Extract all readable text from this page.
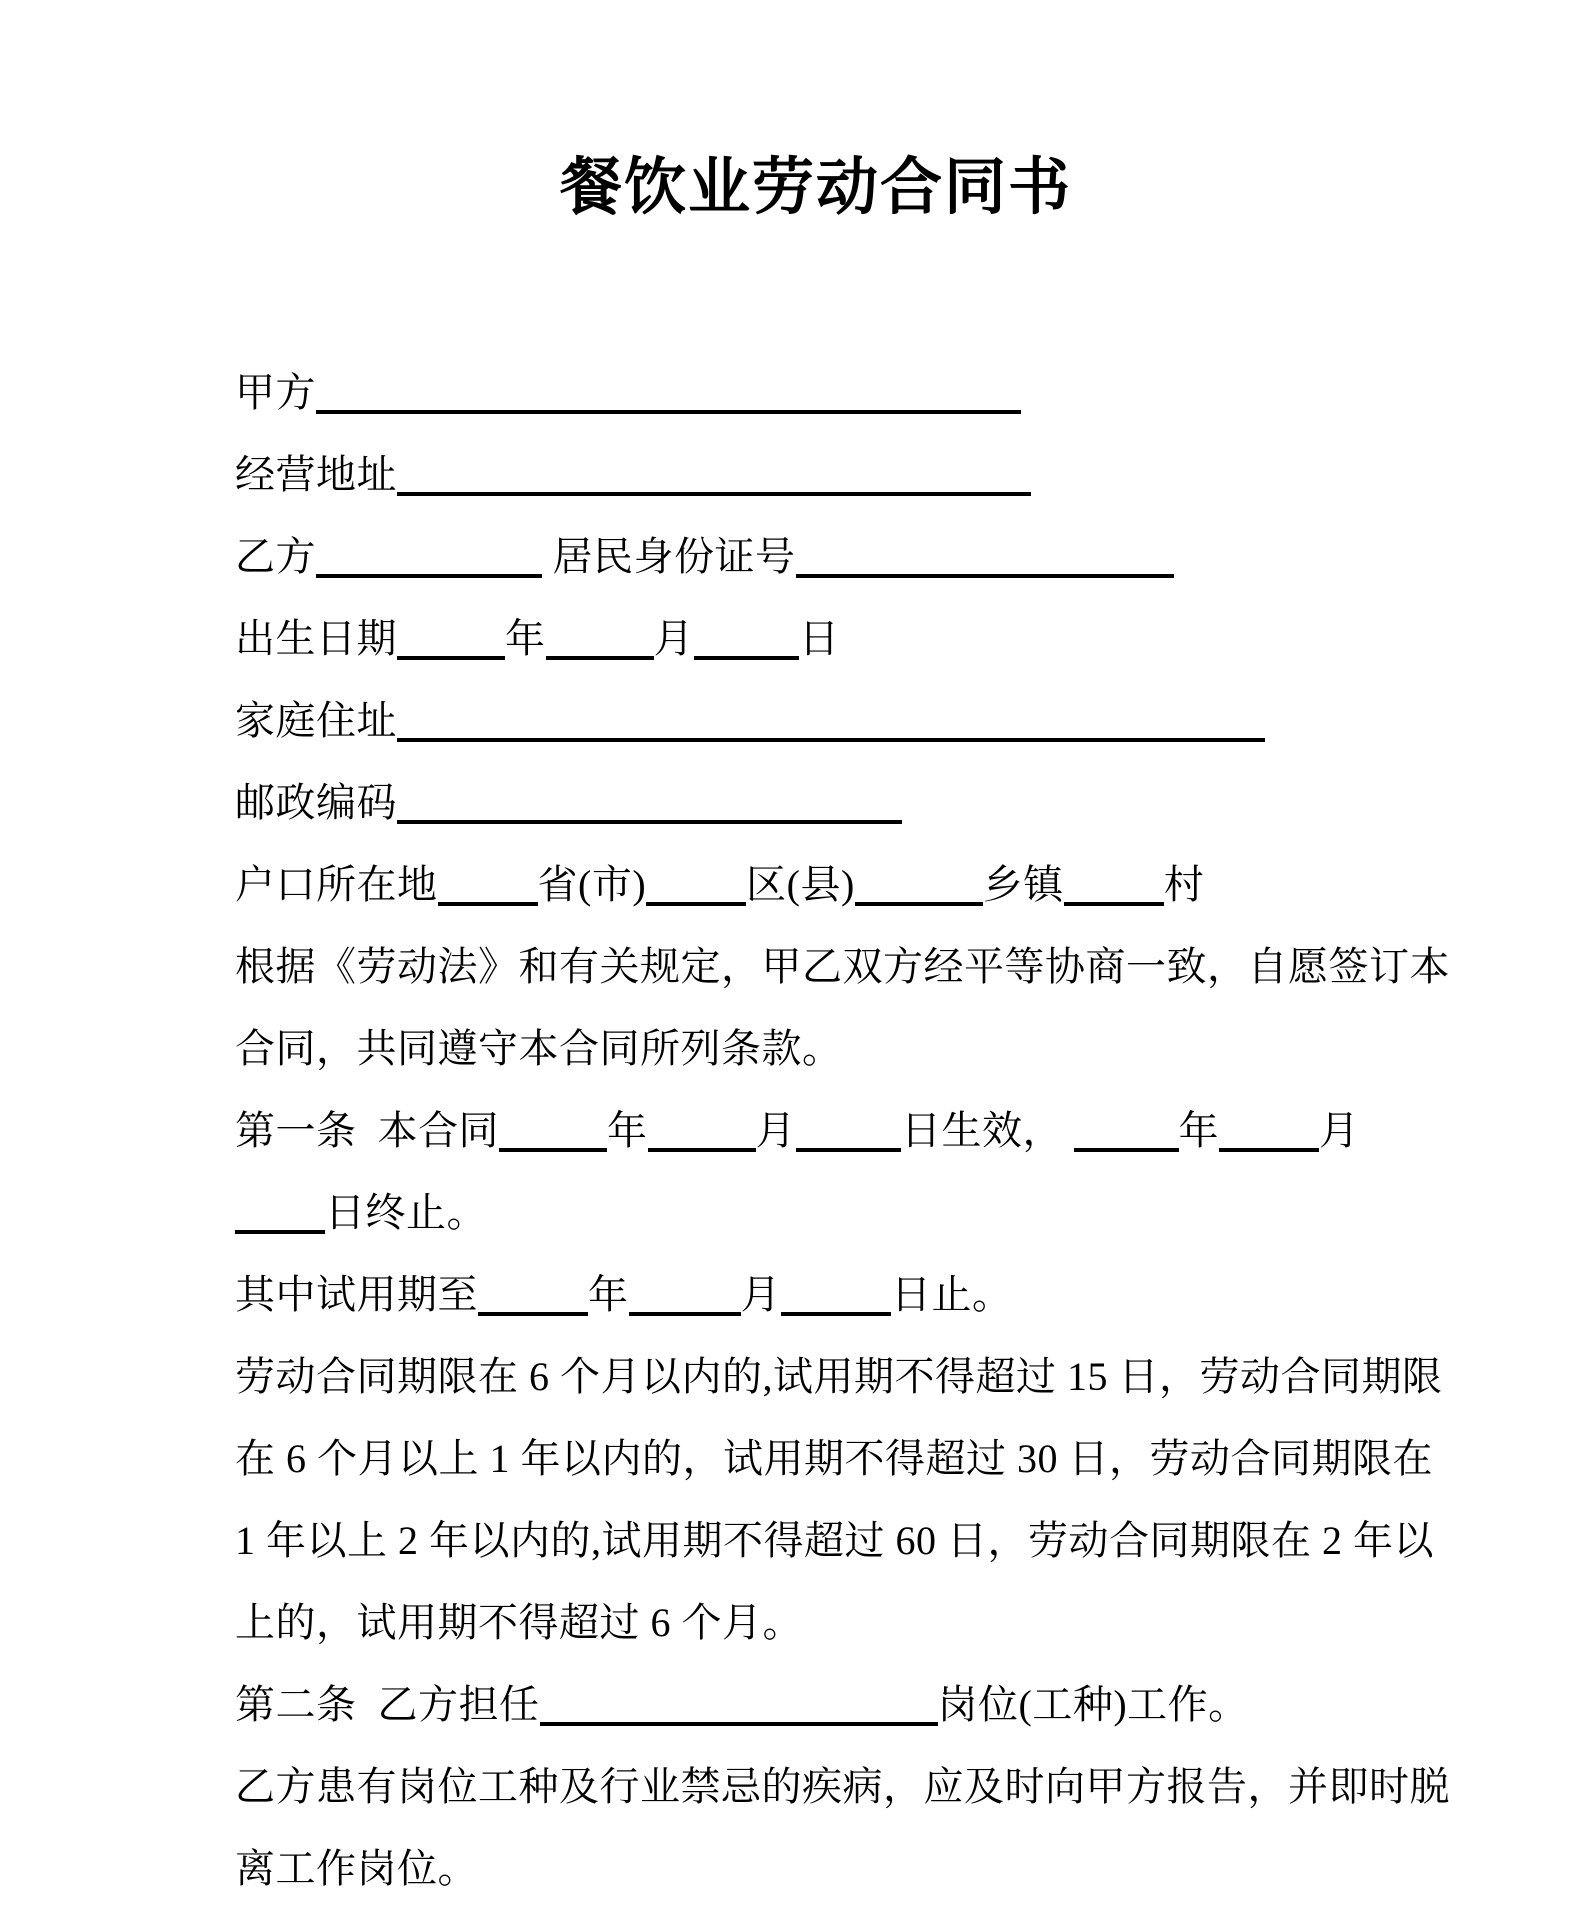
餐饮业劳动合同书
甲方
经营地址
乙方	居民身份证号
出生日期	年	月	日
家庭住址
邮政编码
户口所在地	省(市)	区(县)	乡镇	村
根据《劳动法》和有关规定，甲乙双方经平等协商一致，自愿签订本
合同，共同遵守本合同所列条款。
第一条  本合同	年	月	日生效，	年	月
日终止。
其中试用期至	年	月	日止。
劳动合同期限在 6 个月以内的,试用期不得超过 15 日，劳动合同期限
在 6 个月以上 1 年以内的，试用期不得超过 30 日，劳动合同期限在
1 年以上 2 年以内的,试用期不得超过 60 日，劳动合同期限在 2 年以
上的，试用期不得超过 6 个月。
第二条  乙方担任	岗位(工种)工作。
乙方患有岗位工种及行业禁忌的疾病，应及时向甲方报告，并即时脱
离工作岗位。
